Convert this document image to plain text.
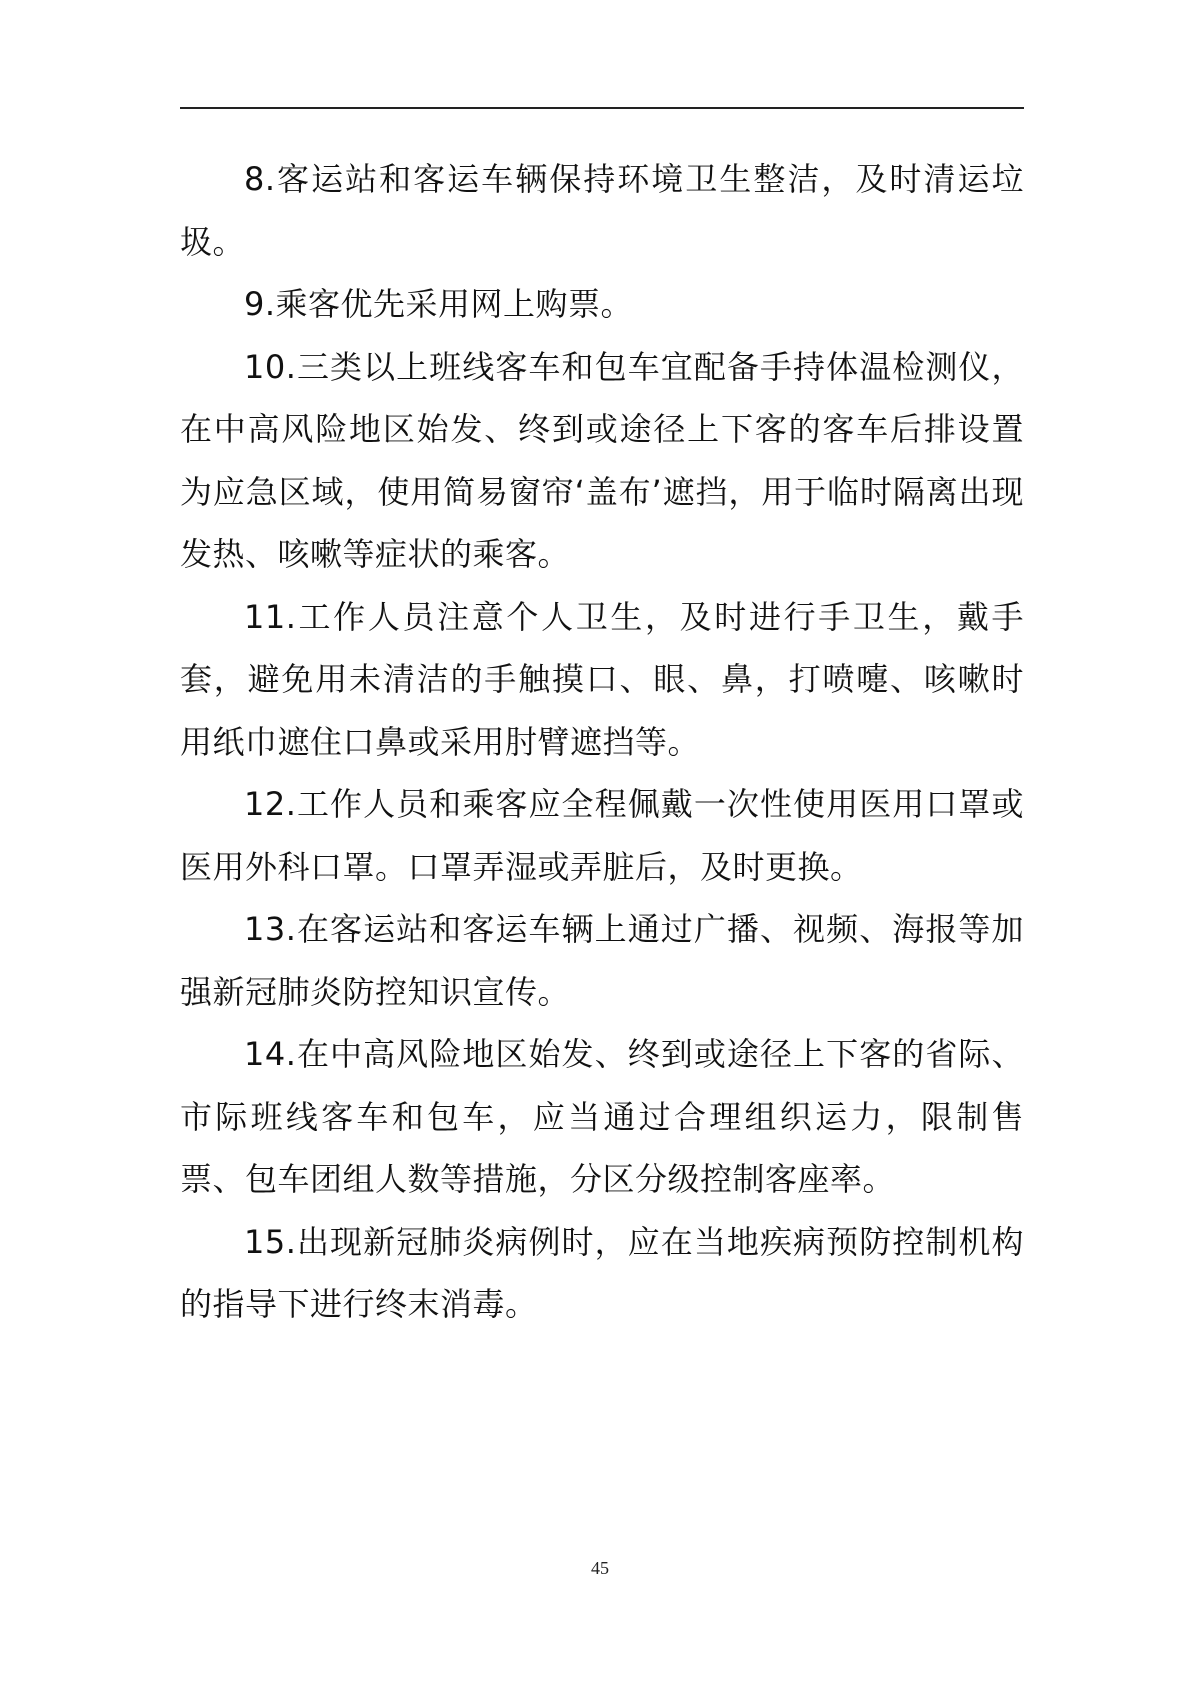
8.客运站和客运车辆保持环境卫生整洁，及时清运垃圾。

9.乘客优先采用网上购票。

10.三类以上班线客车和包车宜配备手持体温检测仪，在中高风险地区始发、终到或途径上下客的客车后排设置为应急区域，使用简易窗帘‘盖布’遮挡，用于临时隔离出现发热、咳嗽等症状的乘客。

11.工作人员注意个人卫生，及时进行手卫生，戴手套，避免用未清洁的手触摸口、眼、鼻，打喷嚏、咳嗽时用纸巾遮住口鼻或采用肘臂遮挡等。

12.工作人员和乘客应全程佩戴一次性使用医用口罩或医用外科口罩。口罩弄湿或弄脏后，及时更换。

13.在客运站和客运车辆上通过广播、视频、海报等加强新冠肺炎防控知识宣传。

14.在中高风险地区始发、终到或途径上下客的省际、市际班线客车和包车，应当通过合理组织运力，限制售票、包车团组人数等措施，分区分级控制客座率。

15.出现新冠肺炎病例时，应在当地疾病预防控制机构的指导下进行终末消毒。

45
